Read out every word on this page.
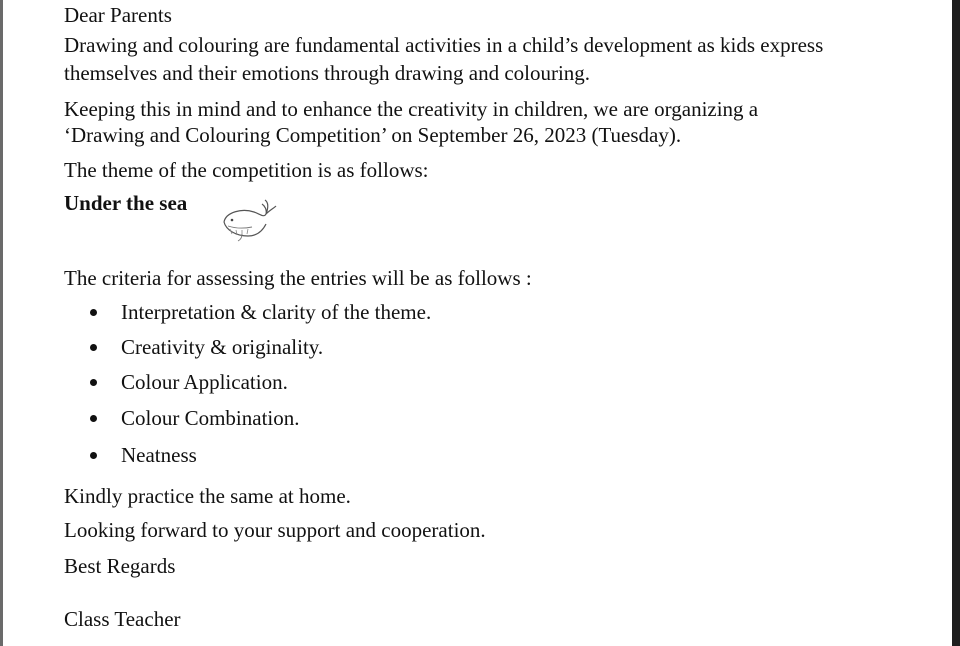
Dear Parents
Drawing and colouring are fundamental activities in a child’s development as kids express
themselves and their emotions through drawing and colouring.
Keeping this in mind and to enhance the creativity in children, we are organizing a
‘Drawing and Colouring Competition’ on September 26, 2023 (Tuesday).
The theme of the competition is as follows:
Under the sea
The criteria for assessing the entries will be as follows :
Interpretation & clarity of the theme.
Creativity & originality.
Colour Application.
Colour Combination.
Neatness
Kindly practice the same at home.
Looking forward to your support and cooperation.
Best Regards
Class Teacher
